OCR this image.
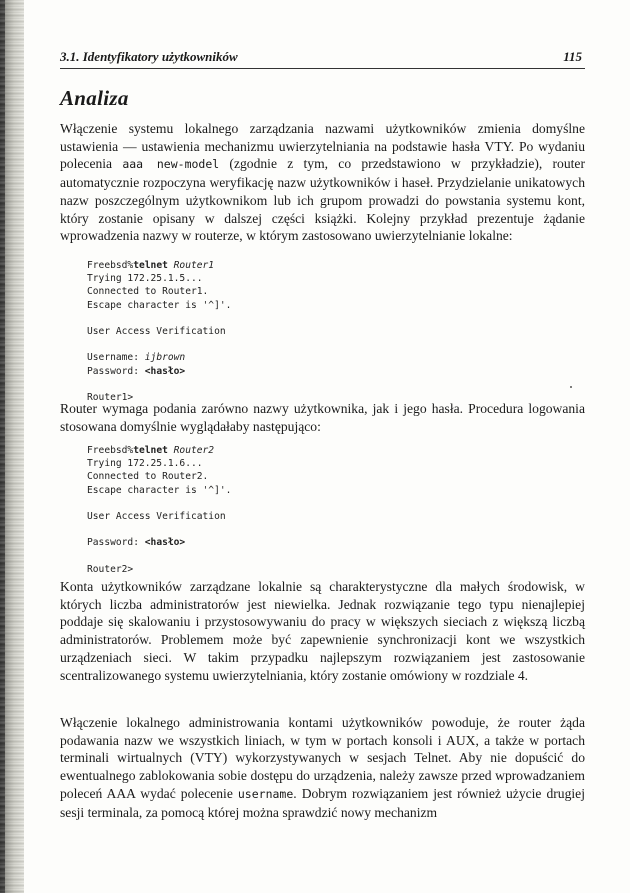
3.1. Identyfikatory użytkowników	115
Analiza

Włączenie systemu lokalnego zarządzania nazwami użytkowników zmienia domyślne ustawienia — ustawienia mechanizmu uwierzytelniania na podstawie hasła VTY. Po wydaniu polecenia aaa new-model (zgodnie z tym, co przedstawiono w przykładzie), router automatycznie rozpoczyna weryfikację nazw użytkowników i haseł. Przydzielanie unikatowych nazw poszczególnym użytkownikom lub ich grupom prowadzi do powstania systemu kont, który zostanie opisany w dalszej części książki. Kolejny przykład prezentuje żądanie wprowadzenia nazwy w routerze, w którym zastosowano uwierzytelnianie lokalne:

Freebsd%telnet Router1
Trying 172.25.1.5...
Connected to Router1.
Escape character is '^]'.

User Access Verification

Username: ijbrown
Password: <hasło>

Router1>

Router wymaga podania zarówno nazwy użytkownika, jak i jego hasła. Procedura logowania stosowana domyślnie wyglądałaby następująco:

Freebsd%telnet Router2
Trying 172.25.1.6...
Connected to Router2.
Escape character is '^]'.

User Access Verification

Password: <hasło>

Router2>

Konta użytkowników zarządzane lokalnie są charakterystyczne dla małych środowisk, w których liczba administratorów jest niewielka. Jednak rozwiązanie tego typu nienajlepiej poddaje się skalowaniu i przystosowywaniu do pracy w większych sieciach z większą liczbą administratorów. Problemem może być zapewnienie synchronizacji kont we wszystkich urządzeniach sieci. W takim przypadku najlepszym rozwiązaniem jest zastosowanie scentralizowanego systemu uwierzytelniania, który zostanie omówiony w rozdziale 4.

Włączenie lokalnego administrowania kontami użytkowników powoduje, że router żąda podawania nazw we wszystkich liniach, w tym w portach konsoli i AUX, a także w portach terminali wirtualnych (VTY) wykorzystywanych w sesjach Telnet. Aby nie dopuścić do ewentualnego zablokowania sobie dostępu do urządzenia, należy zawsze przed wprowadzaniem poleceń AAA wydać polecenie username. Dobrym rozwiązaniem jest również użycie drugiej sesji terminala, za pomocą której można sprawdzić nowy mechanizm
